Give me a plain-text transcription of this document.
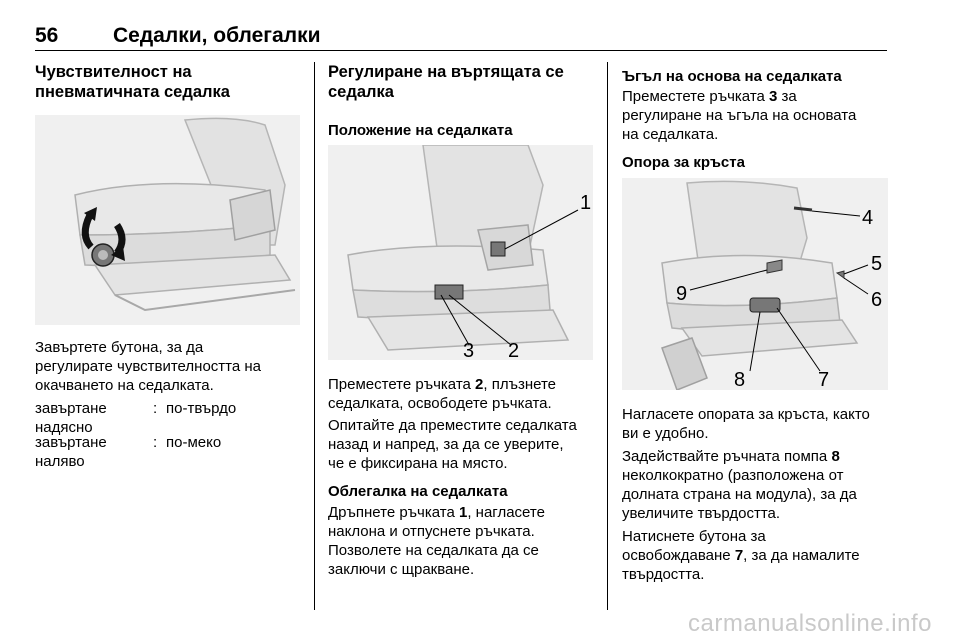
56	Седалки, облегалки

Чувствителност на

пневматичната седалка

Завъртете бутона, за да

регулирате чувствителността на

окачването на седалката.

завъртане

надясно

: по-твърдо

завъртане

наляво

: по-меко

Регулиране на въртящата се

седалка

Положение на седалката

1
2
3

Преместете ръчката 2, плъзнете

седалката, освободете ръчката.

Опитайте да преместите седалката

назад и напред, за да се уверите,

че е фиксирана на място.

Облегалка на седалката

Дръпнете ръчката 1, нагласете

наклона и отпуснете ръчката.

Позволете на седалката да се

заключи с щракване.

Ъгъл на основа на седалката

Преместете ръчката 3 за

регулиране на ъгъла на основата

на седалката.

Опора за кръста

4
5
6
7
8
9

Нагласете опората за кръста, както

ви е удобно.

Задействайте ръчната помпа 8

неколкократно (разположена от

долната страна на модула), за да

увеличите твърдостта.

Натиснете бутона за

освобождаване 7, за да намалите

твърдостта.

carmanualsonline.info
